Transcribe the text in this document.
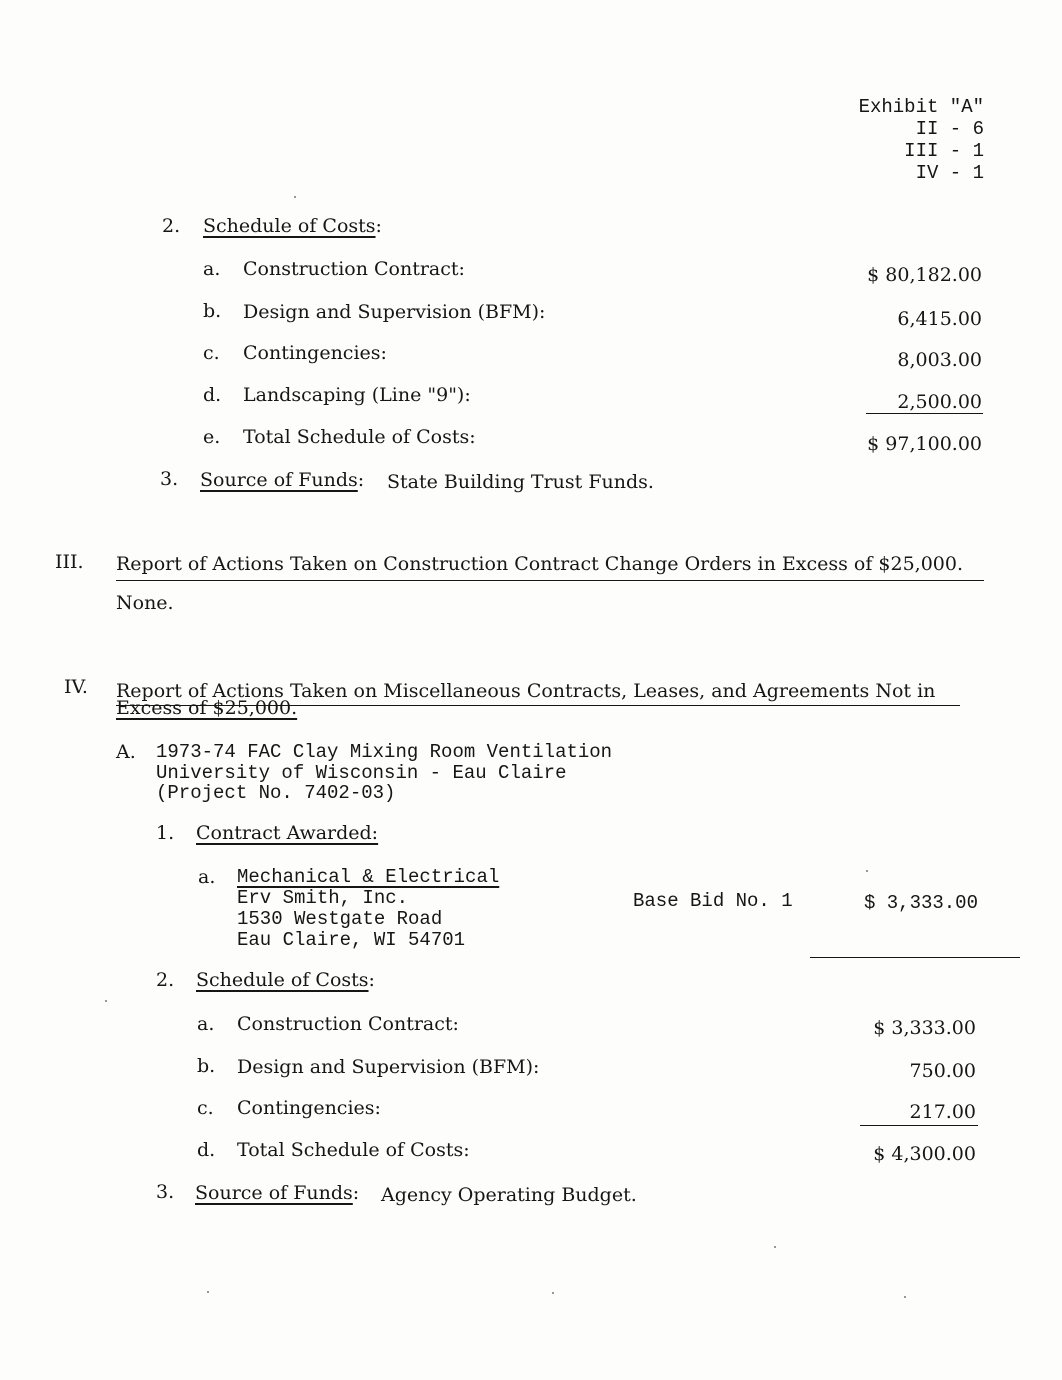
Exhibit "A"
II - 6
III - 1
IV - 1
2. Schedule of Costs:
a. Construction Contract:	$ 80,182.00
b. Design and Supervision (BFM):	6,415.00
c. Contingencies:	8,003.00
d. Landscaping (Line "9"):	2,500.00
e. Total Schedule of Costs:	$ 97,100.00
3. Source of Funds: State Building Trust Funds.
III. Report of Actions Taken on Construction Contract Change Orders in Excess of $25,000.
None.
IV. Report of Actions Taken on Miscellaneous Contracts, Leases, and Agreements Not in
Excess of $25,000.
A. 1973-74 FAC Clay Mixing Room Ventilation
University of Wisconsin - Eau Claire
(Project No. 7402-03)
1. Contract Awarded:
a. Mechanical & Electrical
Erv Smith, Inc.
1530 Westgate Road
Eau Claire, WI 54701
Base Bid No. 1	$ 3,333.00
2. Schedule of Costs:
a. Construction Contract:	$ 3,333.00
b. Design and Supervision (BFM):	750.00
c. Contingencies:	217.00
d. Total Schedule of Costs:	$ 4,300.00
3. Source of Funds: Agency Operating Budget.
